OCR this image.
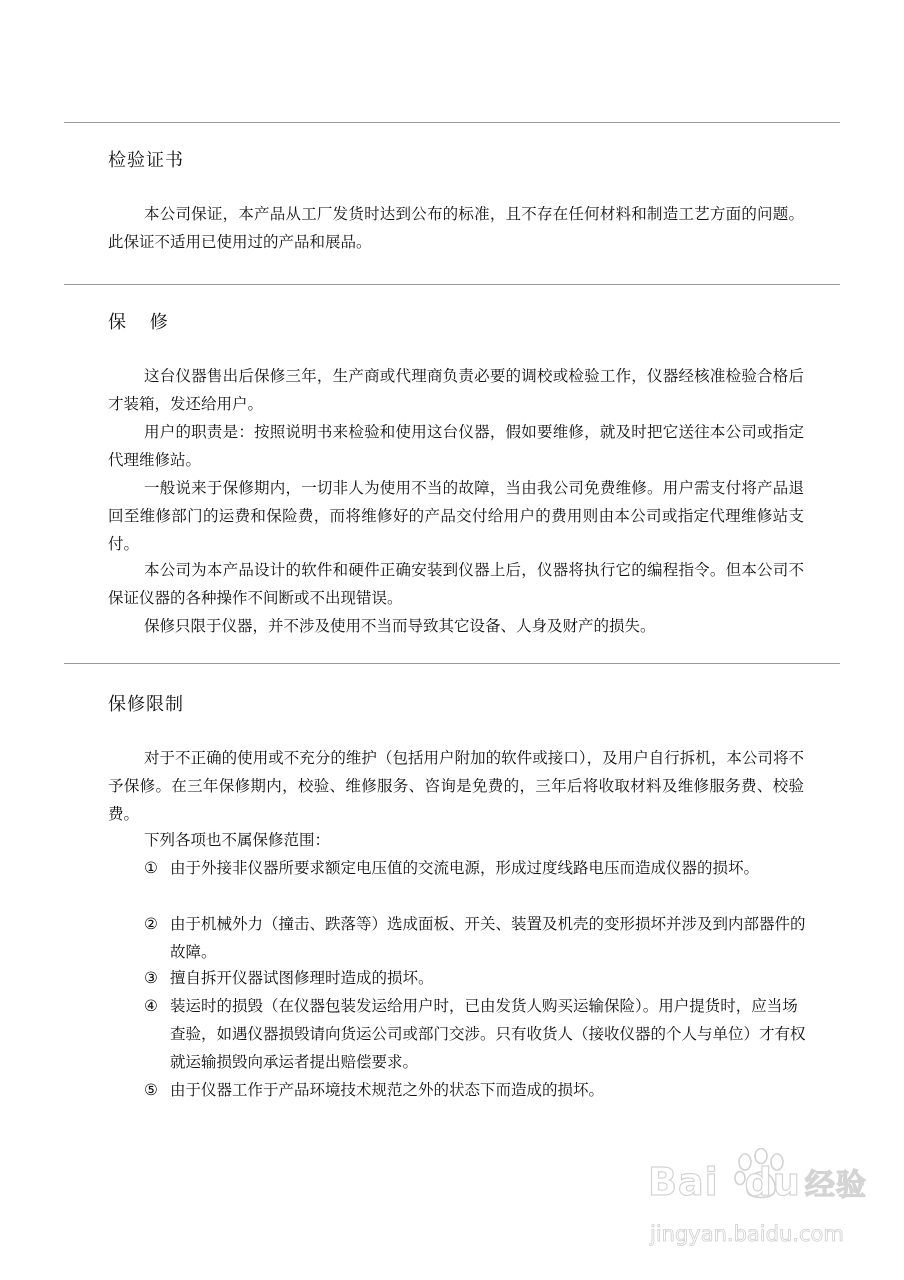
检验证书

本公司保证，本产品从工厂发货时达到公布的标准，且不存在任何材料和制造工艺方面的问题。此保证不适用已使用过的产品和展品。

保 修

这台仪器售出后保修三年，生产商或代理商负责必要的调校或检验工作，仪器经核准检验合格后才装箱，发还给用户。

用户的职责是：按照说明书来检验和使用这台仪器，假如要维修，就及时把它送往本公司或指定代理维修站。

一般说来于保修期内，一切非人为使用不当的故障，当由我公司免费维修。用户需支付将产品退回至维修部门的运费和保险费，而将维修好的产品交付给用户的费用则由本公司或指定代理维修站支付。

本公司为本产品设计的软件和硬件正确安装到仪器上后，仪器将执行它的编程指令。但本公司不保证仪器的各种操作不间断或不出现错误。

保修只限于仪器，并不涉及使用不当而导致其它设备、人身及财产的损失。

保修限制

对于不正确的使用或不充分的维护（包括用户附加的软件或接口），及用户自行拆机，本公司将不予保修。在三年保修期内，校验、维修服务、咨询是免费的，三年后将收取材料及维修服务费、校验费。

下列各项也不属保修范围：

① 由于外接非仪器所要求额定电压值的交流电源，形成过度线路电压而造成仪器的损坏。
② 由于机械外力（撞击、跌落等）选成面板、开关、装置及机壳的变形损坏并涉及到内部器件的故障。
③ 擅自拆开仪器试图修理时造成的损坏。
④ 装运时的损毁（在仪器包装发运给用户时，已由发货人购买运输保险）。用户提货时，应当场查验，如遇仪器损毁请向货运公司或部门交涉。只有收货人（接收仪器的个人与单位）才有权就运输损毁向承运者提出赔偿要求。
⑤ 由于仪器工作于产品环境技术规范之外的状态下而造成的损坏。
Bai du 经验
jingyan.baidu.com
